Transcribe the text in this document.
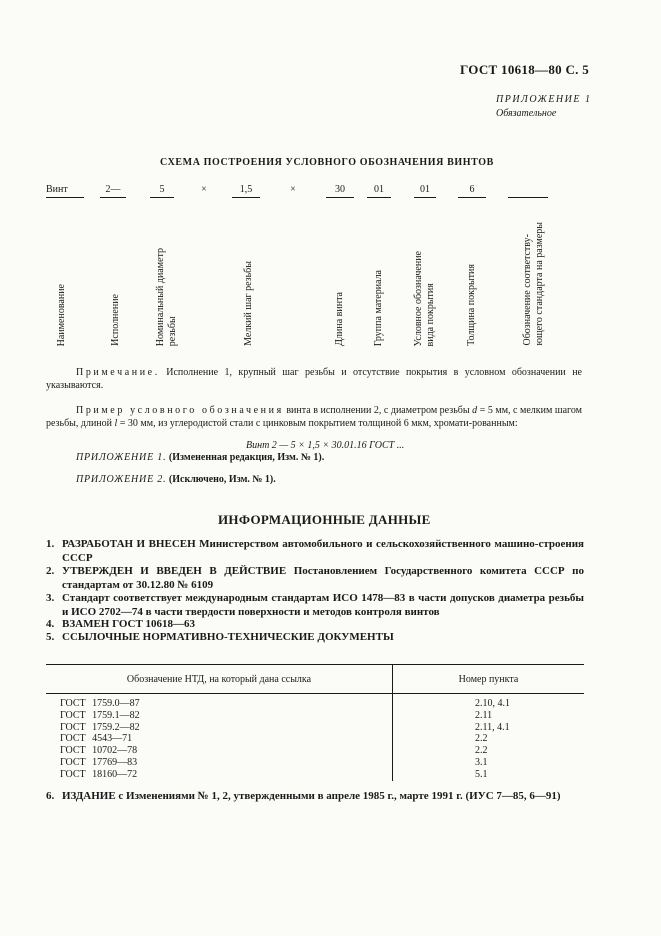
ГОСТ 10618—80 С. 5
ПРИЛОЖЕНИЕ 1
Обязательное
СХЕМА ПОСТРОЕНИЯ УСЛОВНОГО ОБОЗНАЧЕНИЯ ВИНТОВ
Винт	2—	5	×	1,5	×	30	01	01	6
Наименование	Исполнение	Номинальный диаметр резьбы	Мелкий шаг резьбы	Длина винта	Группа материала	Условное обозначение вида покрытия	Толщина покрытия	Обозначение соответству- ющего стандарта на размеры
Примечание. Исполнение 1, крупный шаг резьбы и отсутствие покрытия в условном обозначении не указываются.
Пример условного обозначения винта в исполнении 2, с диаметром резьбы d = 5 мм, с мелким шагом резьбы, длиной l = 30 мм, из углеродистой стали с цинковым покрытием толщиной 6 мкм, хромати-рованным:
Винт 2 — 5 × 1,5 × 30.01.16 ГОСТ ...
ПРИЛОЖЕНИЕ 1. (Измененная редакция, Изм. № 1).
ПРИЛОЖЕНИЕ 2. (Исключено, Изм. № 1).
ИНФОРМАЦИОННЫЕ ДАННЫЕ
1. РАЗРАБОТАН И ВНЕСЕН Министерством автомобильного и сельскохозяйственного машино-строения СССР
2. УТВЕРЖДЕН И ВВЕДЕН В ДЕЙСТВИЕ Постановлением Государственного комитета СССР по стандартам от 30.12.80 № 6109
3. Стандарт соответствует международным стандартам ИСО 1478—83 в части допусков диаметра резьбы и ИСО 2702—74 в части твердости поверхности и методов контроля винтов
4. ВЗАМЕН ГОСТ 10618—63
5. ССЫЛОЧНЫЕ НОРМАТИВНО-ТЕХНИЧЕСКИЕ ДОКУМЕНТЫ
Обозначение НТД, на который дана ссылка	Номер пункта
ГОСТ 1759.0—87	2.10, 4.1
ГОСТ 1759.1—82	2.11
ГОСТ 1759.2—82	2.11, 4.1
ГОСТ 4543—71	2.2
ГОСТ 10702—78	2.2
ГОСТ 17769—83	3.1
ГОСТ 18160—72	5.1
6. ИЗДАНИЕ с Изменениями № 1, 2, утвержденными в апреле 1985 г., марте 1991 г. (ИУС 7—85, 6—91)
